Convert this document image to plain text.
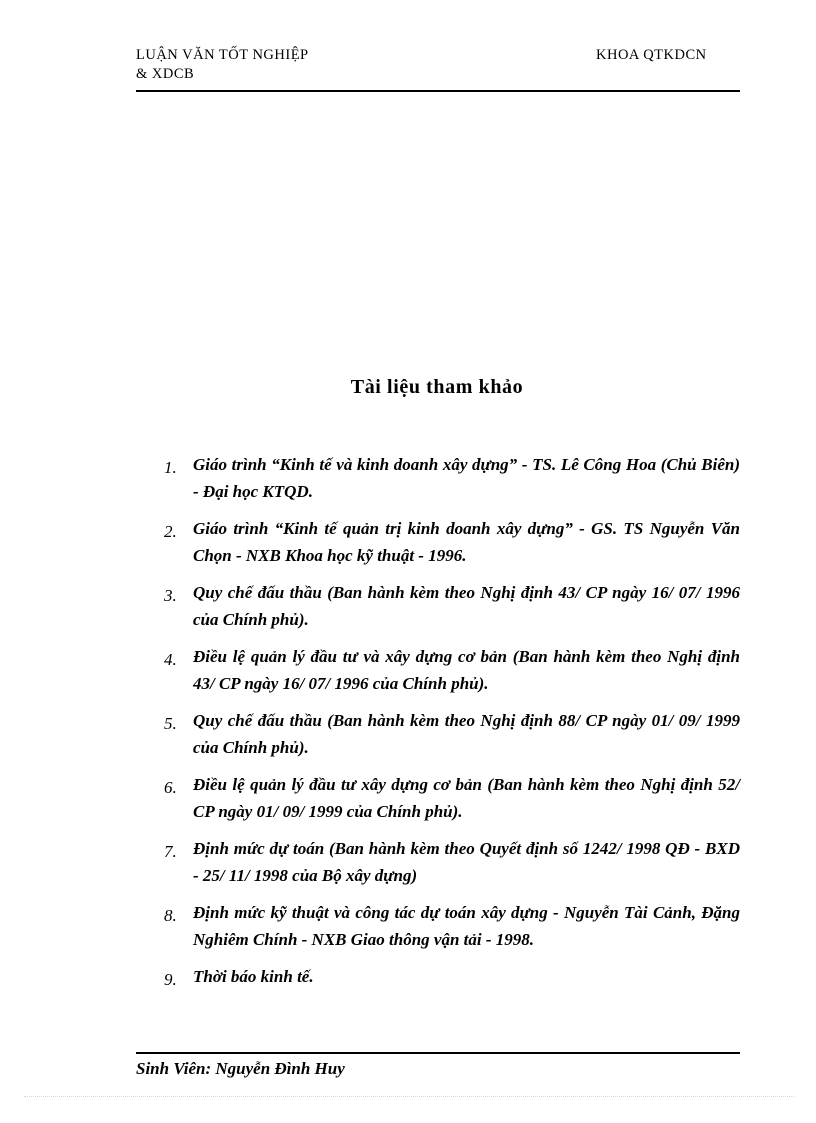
LUẬN VĂN TỐT NGHIỆP
& XDCB
KHOA QTKDCN
Tài liệu tham khảo
1. Giáo trình “Kinh tế và kinh doanh xây dựng” - TS. Lê Công Hoa (Chủ Biên) - Đại học KTQD.
2. Giáo trình “Kinh tế quản trị kinh doanh xây dựng” - GS. TS Nguyễn Văn Chọn - NXB Khoa học kỹ thuật - 1996.
3. Quy chế đấu thầu (Ban hành kèm theo Nghị định 43/ CP ngày 16/ 07/ 1996 của Chính phủ).
4. Điều lệ quản lý đầu tư và xây dựng cơ bản (Ban hành kèm theo Nghị định 43/ CP ngày 16/ 07/ 1996 của Chính phủ).
5. Quy chế đấu thầu (Ban hành kèm theo Nghị định 88/ CP ngày 01/ 09/ 1999 của Chính phủ).
6. Điều lệ quản lý đầu tư xây dựng cơ bản (Ban hành kèm theo Nghị định 52/ CP ngày 01/ 09/ 1999 của Chính phủ).
7. Định mức dự toán (Ban hành kèm theo Quyết định số 1242/ 1998 QĐ - BXD - 25/ 11/ 1998 của Bộ xây dựng)
8. Định mức kỹ thuật và công tác dự toán xây dựng - Nguyễn Tài Cảnh, Đặng Nghiêm Chính - NXB Giao thông vận tải - 1998.
9. Thời báo kinh tế.
Sinh Viên: Nguyễn Đình Huy
